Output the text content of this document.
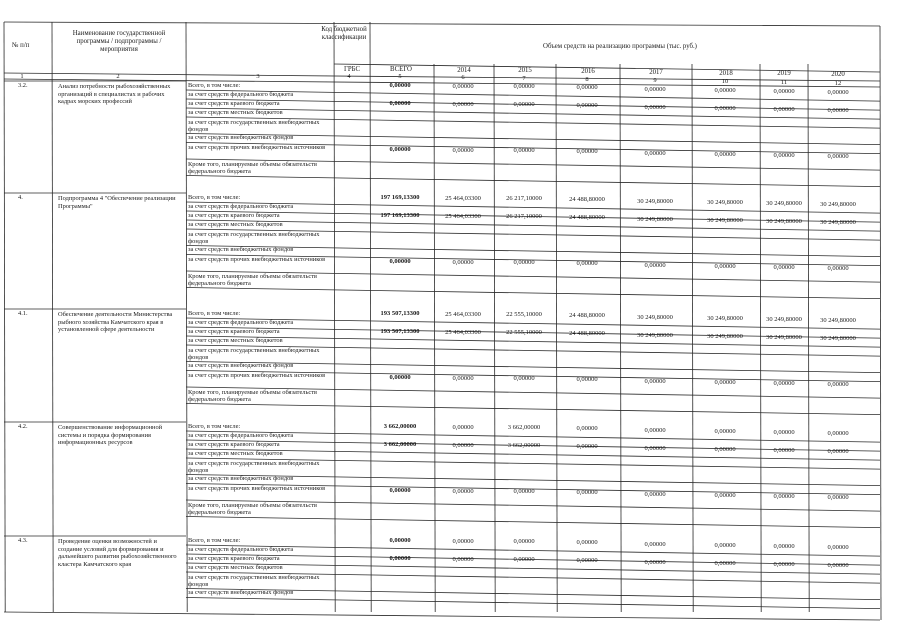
№ п/п
Наименование государственной программы / подпрограммы / мероприятия
Код бюджетной классификации
Объем средств на реализацию программы (тыс. руб.)
ГРБС	ВСЕГО	2014	2015	2016	2017	2018	2019	2020
1	2	3	4	5	6	7	8	9	10	11	12
3.2.	Анализ потребности рыбохозяйственных организаций в специалистах и рабочих кадрах морских профессий
Всего, в том числе:	0,00000	0,00000	0,00000	0,00000	0,00000	0,00000	0,00000	0,00000
за счет средств федерального бюджета
за счет средств краевого бюджета	0,00000	0,00000	0,00000	0,00000	0,00000	0,00000	0,00000	0,00000
за счет средств местных бюджетов
за счет средств государственных внебюджетных фондов
за счет средств внебюджетных фондов
за счет средств прочих внебюджетных источников	0,00000	0,00000	0,00000	0,00000	0,00000	0,00000	0,00000	0,00000
Кроме того, планируемые объемы обязательств федерального бюджета
4.	Подпрограмма 4 "Обеспечение реализации Программы"
Всего, в том числе:	197 169,13300	25 464,03300	26 217,10000	24 488,80000	30 249,80000	30 249,80000	30 249,80000	30 249,80000
за счет средств федерального бюджета
за счет средств краевого бюджета	197 169,13300	25 464,03300	26 217,10000	24 488,80000	30 249,80000	30 249,80000	30 249,80000	30 249,80000
за счет средств местных бюджетов
за счет средств государственных внебюджетных фондов
за счет средств внебюджетных фондов
за счет средств прочих внебюджетных источников	0,00000	0,00000	0,00000	0,00000	0,00000	0,00000	0,00000	0,00000
Кроме того, планируемые объемы обязательств федерального бюджета
4.1.	Обеспечение деятельности Министерства рыбного хозяйства Камчатского края в установленной сфере деятельности
Всего, в том числе:	193 507,13300	25 464,03300	22 555,10000	24 488,80000	30 249,80000	30 249,80000	30 249,80000	30 249,80000
за счет средств федерального бюджета
за счет средств краевого бюджета	193 507,13300	25 464,03300	22 555,10000	24 488,80000	30 249,80000	30 249,80000	30 249,80000	30 249,80000
за счет средств местных бюджетов
за счет средств государственных внебюджетных фондов
за счет средств внебюджетных фондов
за счет средств прочих внебюджетных источников	0,00000	0,00000	0,00000	0,00000	0,00000	0,00000	0,00000	0,00000
Кроме того, планируемые объемы обязательств федерального бюджета
4.2.	Совершенствование информационной системы и порядка формирования информационных ресурсов
Всего, в том числе:	3 662,00000	0,00000	3 662,00000	0,00000	0,00000	0,00000	0,00000	0,00000
за счет средств федерального бюджета
за счет средств краевого бюджета	3 662,00000	0,00000	3 662,00000	0,00000	0,00000	0,00000	0,00000	0,00000
за счет средств местных бюджетов
за счет средств государственных внебюджетных фондов
за счет средств внебюджетных фондов
за счет средств прочих внебюджетных источников	0,00000	0,00000	0,00000	0,00000	0,00000	0,00000	0,00000	0,00000
Кроме того, планируемые объемы обязательств федерального бюджета
4.3.	Проведение оценки возможностей и создание условий для формирования и дальнейшего развития рыбохозяйственного кластера Камчатского края
Всего, в том числе:	0,00000	0,00000	0,00000	0,00000	0,00000	0,00000	0,00000	0,00000
за счет средств федерального бюджета
за счет средств краевого бюджета	0,00000	0,00000	0,00000	0,00000	0,00000	0,00000	0,00000	0,00000
за счет средств местных бюджетов
за счет средств государственных внебюджетных фондов
за счет средств внебюджетных фондов
